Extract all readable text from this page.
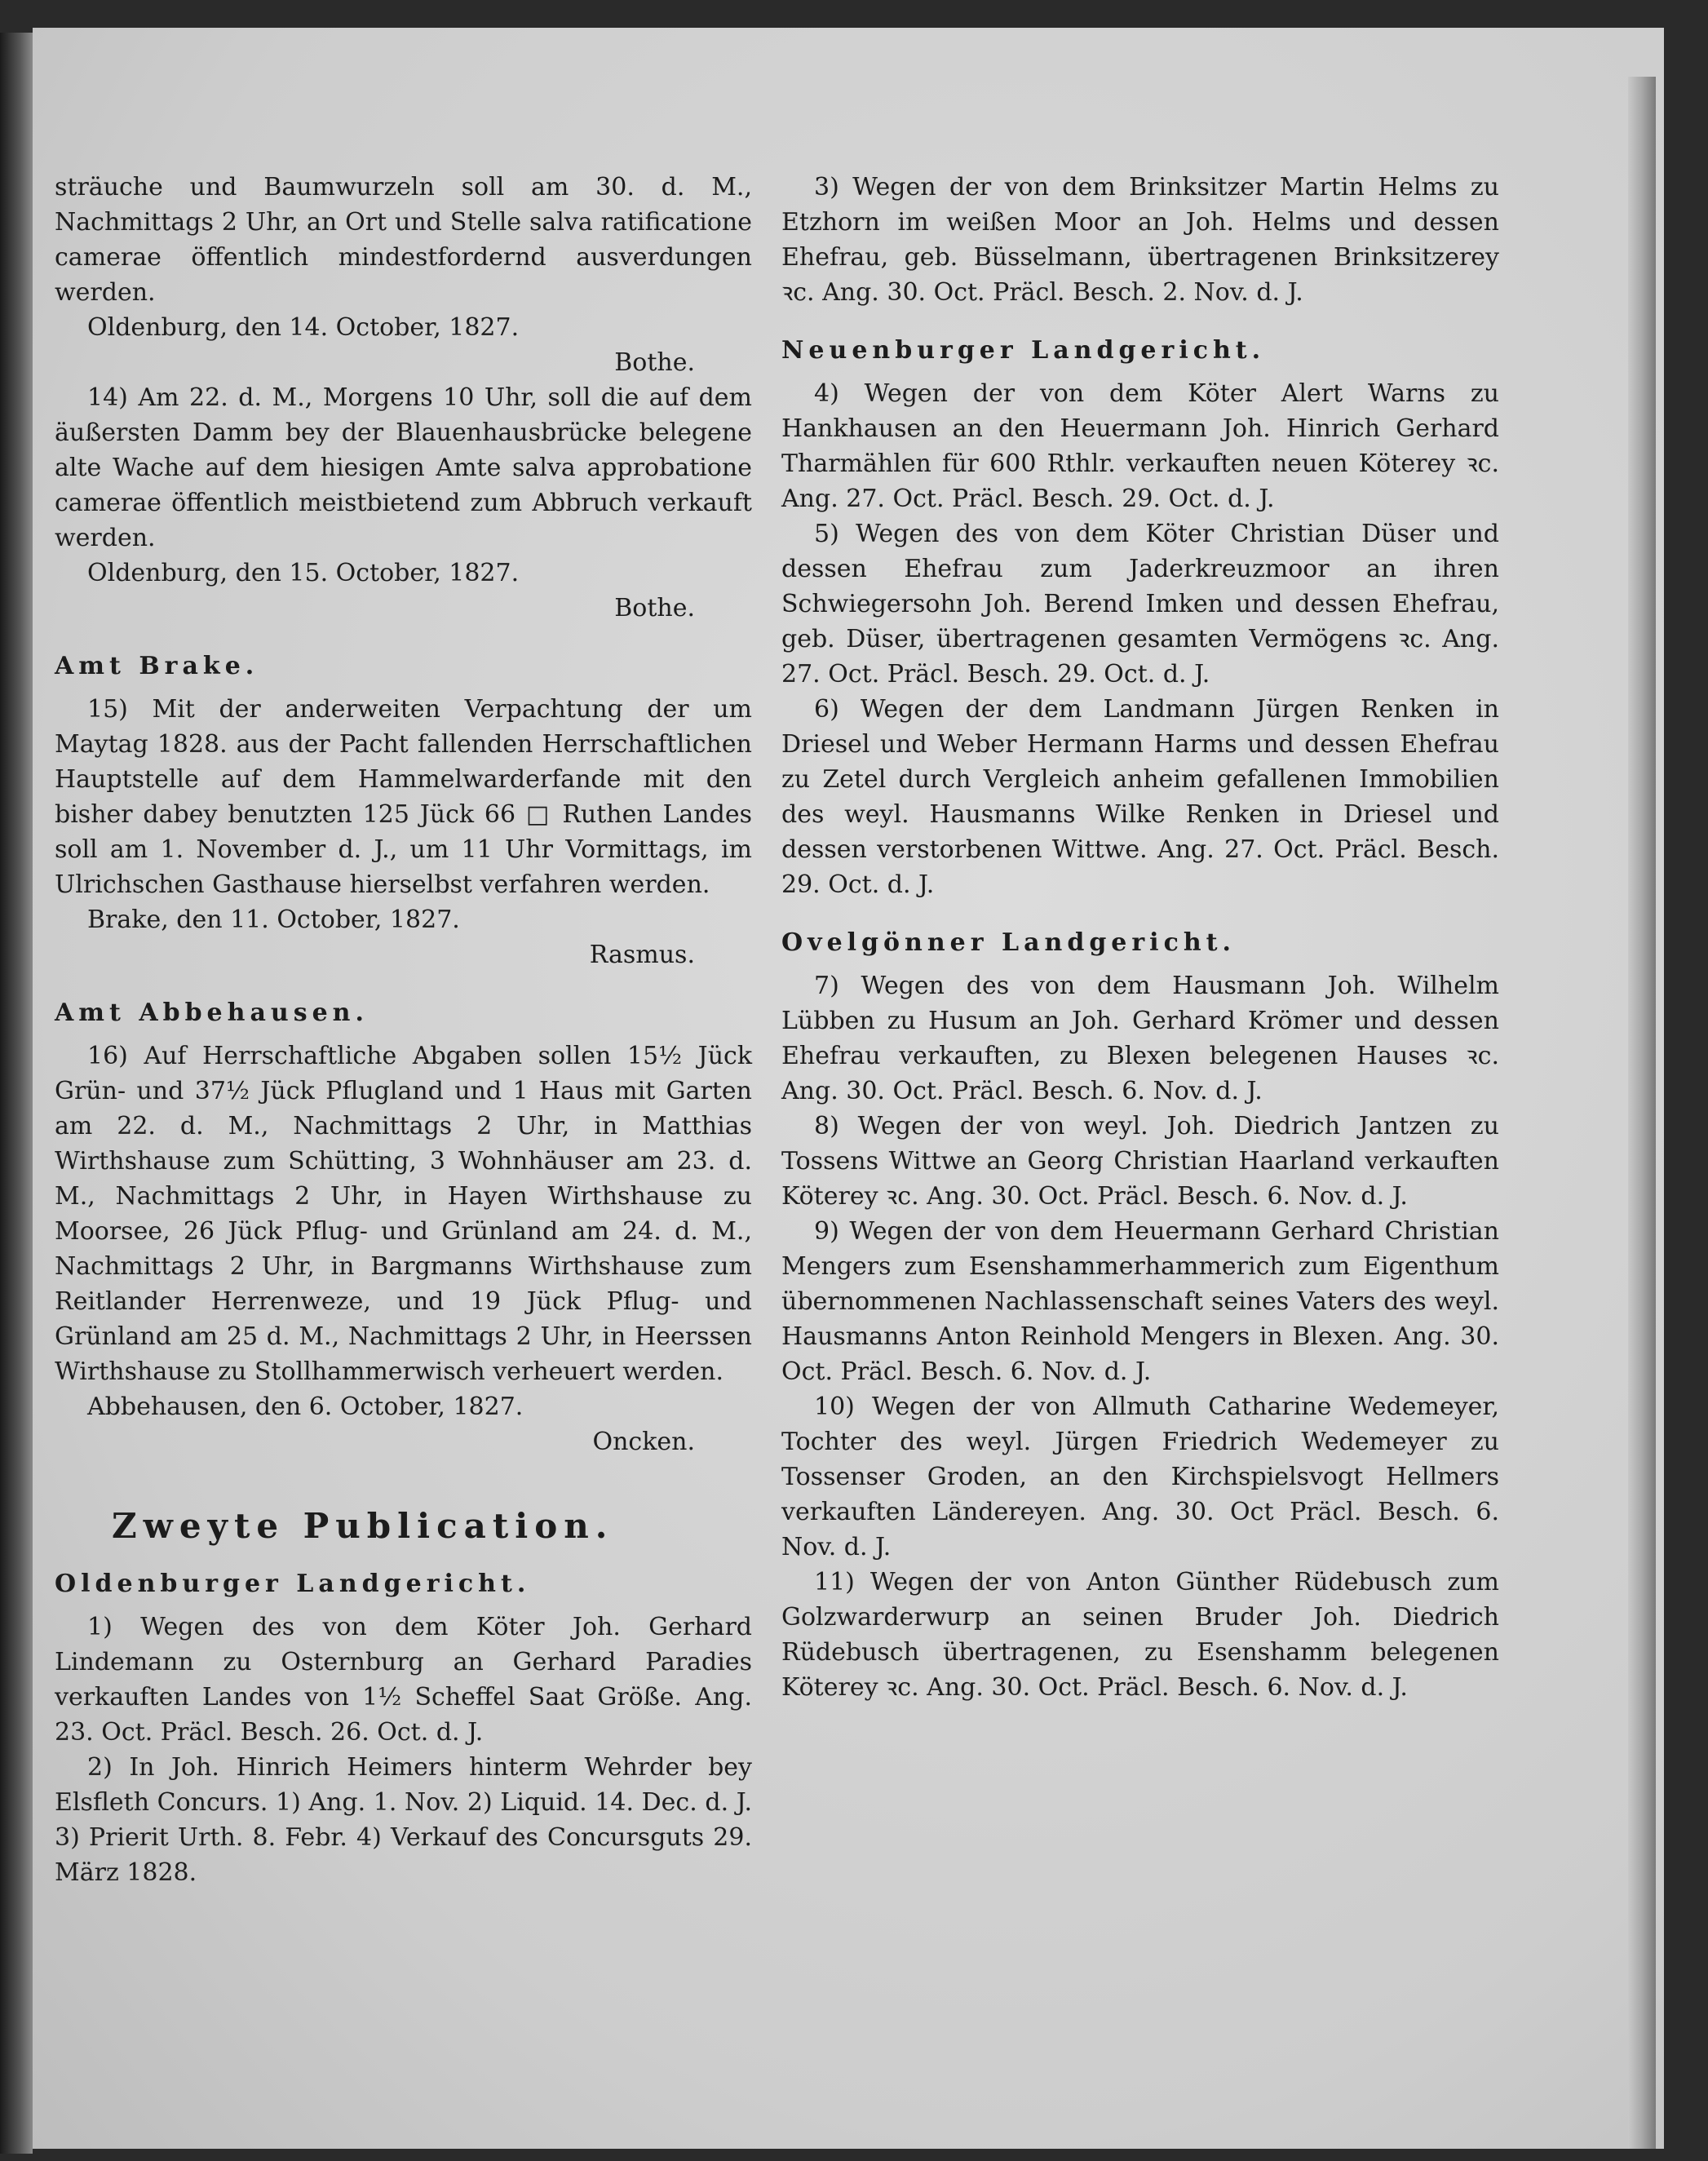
sträuche und Baumwurzeln soll am 30. d. M., Nachmittags 2 Uhr, an Ort und Stelle salva ratificatione camerae öffentlich mindestfordernd ausverdungen werden.

Oldenburg, den 14. October, 1827.

Bothe.

14) Am 22. d. M., Morgens 10 Uhr, soll die auf dem äußersten Damm bey der Blauenhausbrücke belegene alte Wache auf dem hiesigen Amte salva approbatione camerae öffentlich meistbietend zum Abbruch verkauft werden.

Oldenburg, den 15. October, 1827.

Bothe.

Amt Brake.

15) Mit der anderweiten Verpachtung der um Maytag 1828. aus der Pacht fallenden Herrschaftlichen Hauptstelle auf dem Hammelwarderfande mit den bisher dabey benutzten 125 Jück 66 □ Ruthen Landes soll am 1. November d. J., um 11 Uhr Vormittags, im Ulrichschen Gasthause hierselbst verfahren werden.

Brake, den 11. October, 1827.

Rasmus.

Amt Abbehausen.

16) Auf Herrschaftliche Abgaben sollen 15½ Jück Grün- und 37½ Jück Pflugland und 1 Haus mit Garten am 22. d. M., Nachmittags 2 Uhr, in Matthias Wirthshause zum Schütting, 3 Wohnhäuser am 23. d. M., Nachmittags 2 Uhr, in Hayen Wirthshause zu Moorsee, 26 Jück Pflug- und Grünland am 24. d. M., Nachmittags 2 Uhr, in Bargmanns Wirthshause zum Reitlander Herrenweze, und 19 Jück Pflug- und Grünland am 25 d. M., Nachmittags 2 Uhr, in Heerssen Wirthshause zu Stollhammerwisch verheuert werden.

Abbehausen, den 6. October, 1827.

Oncken.

Zweyte Publication.

Oldenburger Landgericht.

1) Wegen des von dem Köter Joh. Gerhard Lindemann zu Osternburg an Gerhard Paradies verkauften Landes von 1½ Scheffel Saat Größe. Ang. 23. Oct. Präcl. Besch. 26. Oct. d. J.

2) In Joh. Hinrich Heimers hinterm Wehrder bey Elsfleth Concurs. 1) Ang. 1. Nov. 2) Liquid. 14. Dec. d. J. 3) Prierit Urth. 8. Febr. 4) Verkauf des Concursguts 29. März 1828.

3) Wegen der von dem Brinksitzer Martin Helms zu Etzhorn im weißen Moor an Joh. Helms und dessen Ehefrau, geb. Büsselmann, übertragenen Brinksitzerey ꝛc. Ang. 30. Oct. Präcl. Besch. 2. Nov. d. J.

Neuenburger Landgericht.

4) Wegen der von dem Köter Alert Warns zu Hankhausen an den Heuermann Joh. Hinrich Gerhard Tharmählen für 600 Rthlr. verkauften neuen Köterey ꝛc. Ang. 27. Oct. Präcl. Besch. 29. Oct. d. J.

5) Wegen des von dem Köter Christian Düser und dessen Ehefrau zum Jaderkreuzmoor an ihren Schwiegersohn Joh. Berend Imken und dessen Ehefrau, geb. Düser, übertragenen gesamten Vermögens ꝛc. Ang. 27. Oct. Präcl. Besch. 29. Oct. d. J.

6) Wegen der dem Landmann Jürgen Renken in Driesel und Weber Hermann Harms und dessen Ehefrau zu Zetel durch Vergleich anheim gefallenen Immobilien des weyl. Hausmanns Wilke Renken in Driesel und dessen verstorbenen Wittwe. Ang. 27. Oct. Präcl. Besch. 29. Oct. d. J.

Ovelgönner Landgericht.

7) Wegen des von dem Hausmann Joh. Wilhelm Lübben zu Husum an Joh. Gerhard Krömer und dessen Ehefrau verkauften, zu Blexen belegenen Hauses ꝛc. Ang. 30. Oct. Präcl. Besch. 6. Nov. d. J.

8) Wegen der von weyl. Joh. Diedrich Jantzen zu Tossens Wittwe an Georg Christian Haarland verkauften Köterey ꝛc. Ang. 30. Oct. Präcl. Besch. 6. Nov. d. J.

9) Wegen der von dem Heuermann Gerhard Christian Mengers zum Esenshammerhammerich zum Eigenthum übernommenen Nachlassenschaft seines Vaters des weyl. Hausmanns Anton Reinhold Mengers in Blexen. Ang. 30. Oct. Präcl. Besch. 6. Nov. d. J.

10) Wegen der von Allmuth Catharine Wedemeyer, Tochter des weyl. Jürgen Friedrich Wedemeyer zu Tossenser Groden, an den Kirchspielsvogt Hellmers verkauften Ländereyen. Ang. 30. Oct Präcl. Besch. 6. Nov. d. J.

11) Wegen der von Anton Günther Rüdebusch zum Golzwarderwurp an seinen Bruder Joh. Diedrich Rüdebusch übertragenen, zu Esenshamm belegenen Köterey ꝛc. Ang. 30. Oct. Präcl. Besch. 6. Nov. d. J.
